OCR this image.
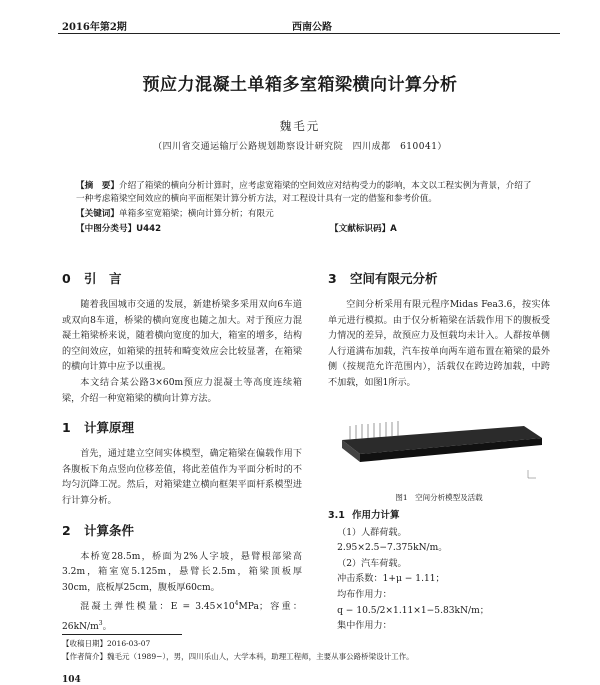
2016年第2期	西南公路
预应力混凝土单箱多室箱梁横向计算分析
魏毛元
（四川省交通运输厅公路规划勘察设计研究院　四川成都　610041）
【摘　要】介绍了箱梁的横向分析计算时，应考虑宽箱梁的空间效应对结构受力的影响，本文以工程实例为背景，介绍了一种考虑箱梁空间效应的横向平面框架计算分析方法，对工程设计具有一定的借鉴和参考价值。
【关键词】单箱多室宽箱梁；横向计算分析；有限元
【中图分类号】U442	【文献标识码】A
0 引　言

随着我国城市交通的发展，新建桥梁多采用双向6车道或双向8车道，桥梁的横向宽度也随之加大。对于预应力混凝土箱梁桥来说，随着横向宽度的加大，箱室的增多，结构的空间效应，如箱梁的扭转和畸变效应会比较显著，在箱梁的横向计算中应予以重视。

本文结合某公路3×60m预应力混凝土等高度连续箱梁，介绍一种宽箱梁的横向计算方法。

1 计算原理

首先，通过建立空间实体模型，确定箱梁在偏载作用下各腹板下角点竖向位移差值，将此差值作为平面分析时的不均匀沉降工况。然后，对箱梁建立横向框架平面杆系模型进行计算分析。

2 计算条件

本桥宽28.5m，桥面为2%人字坡，悬臂根部梁高3.2m，箱室宽5.125m，悬臂长2.5m，箱梁顶板厚30cm，底板厚25cm，腹板厚60cm。

混凝土弹性模量：$E = 3.45\times 10^4MPa$；容重：$26kN/m^3$。

3 空间有限元分析

空间分析采用有限元程序Midas Fea3.6，按实体单元进行模拟。由于仅分析箱梁在活载作用下的腹板受力情况的差异，故预应力及恒载均未计入。人群按单侧人行道满布加载，汽车按单向两车道布置在箱梁的最外侧（按规范允许范围内），活载仅在跨边跨加载，中跨不加载，如图1所示。

图1　空间分析模型及活载
3.1 作用力计算
（1）人群荷载。
2.95×2.5−7.375kN/m。
（2）汽车荷载。
冲击系数：1+μ − 1.11；
均布作用力：
q − 10.5/2×1.11×1−5.83kN/m；
集中作用力：
【收稿日期】2016-03-07
【作者简介】魏毛元（1989−），男，四川乐山人，大学本科，助理工程师，主要从事公路桥梁设计工作。
104
